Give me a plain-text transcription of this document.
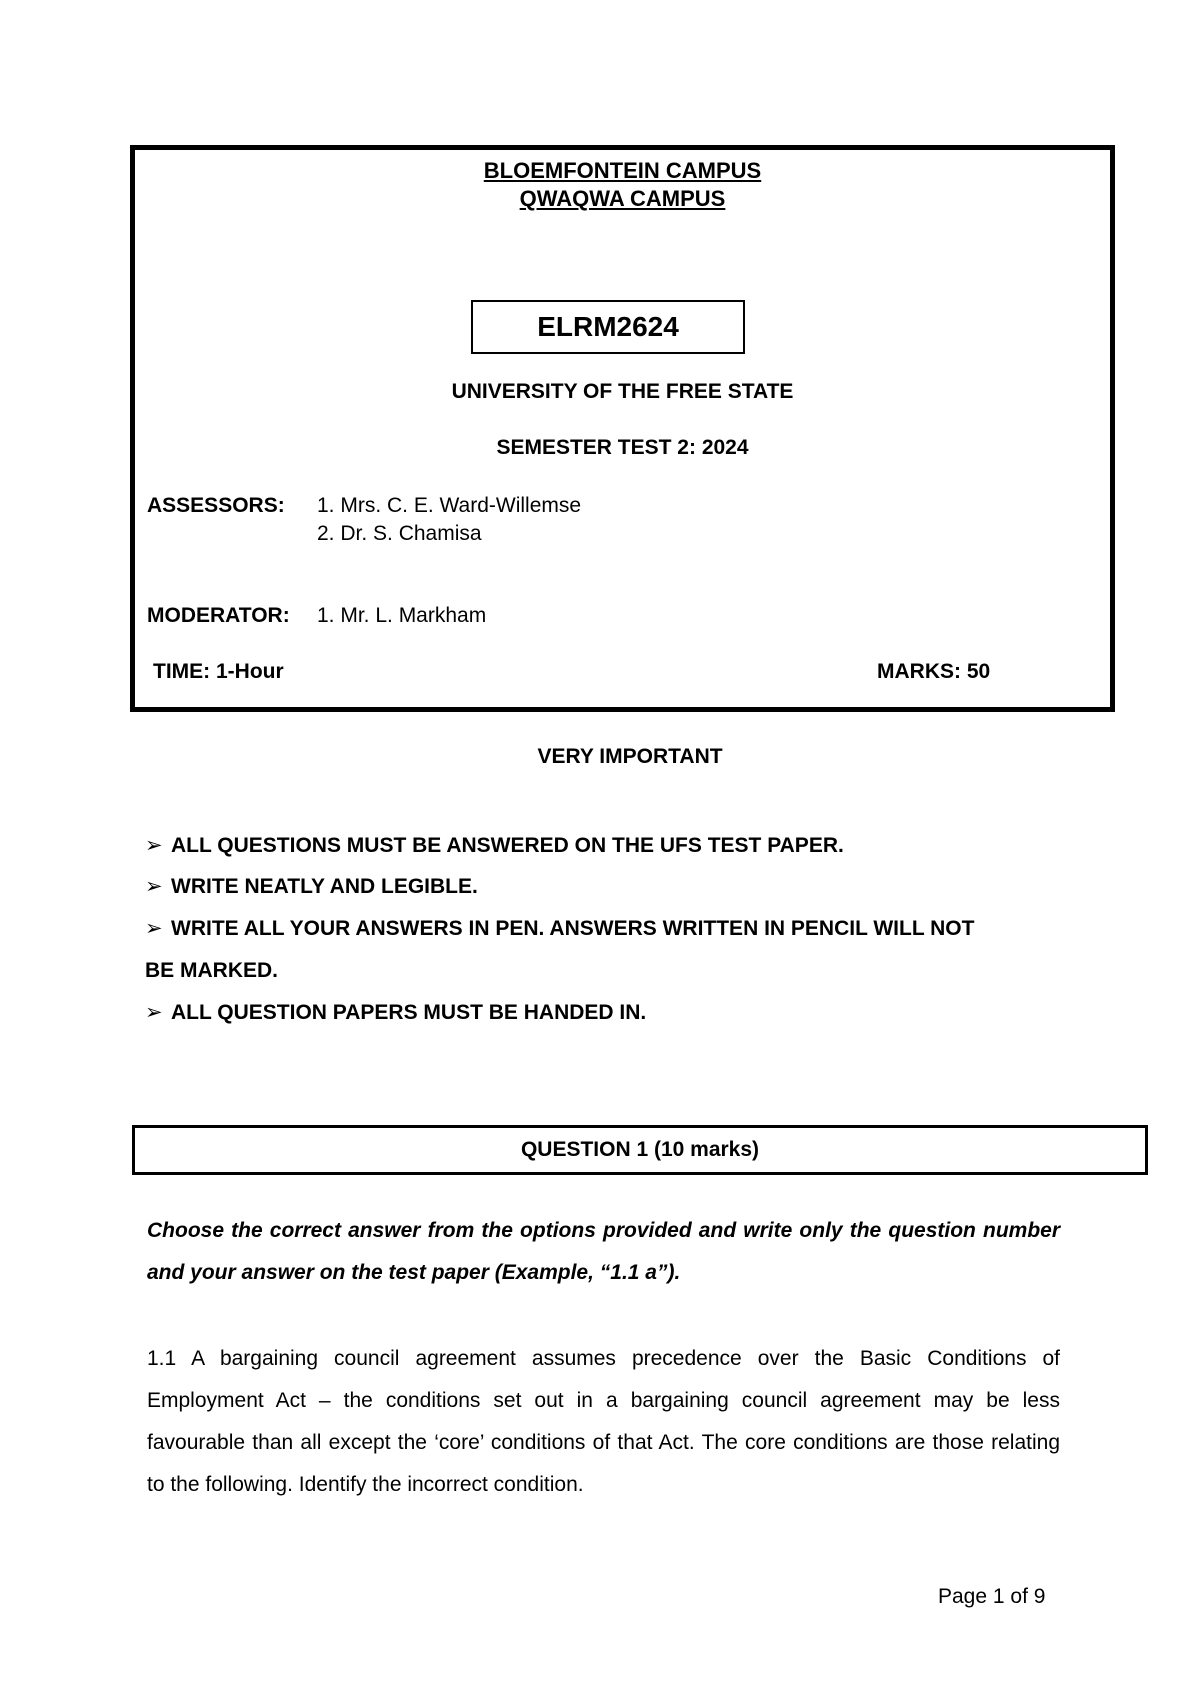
BLOEMFONTEIN CAMPUS
QWAQWA CAMPUS
ELRM2624
UNIVERSITY OF THE FREE STATE
SEMESTER TEST 2: 2024
ASSESSORS: 1. Mrs. C. E. Ward-Willemse
2. Dr. S. Chamisa
MODERATOR: 1. Mr. L. Markham
TIME: 1-Hour	MARKS: 50
VERY IMPORTANT
➢ ALL QUESTIONS MUST BE ANSWERED ON THE UFS TEST PAPER.
➢ WRITE NEATLY AND LEGIBLE.
➢ WRITE ALL YOUR ANSWERS IN PEN. ANSWERS WRITTEN IN PENCIL WILL NOT
BE MARKED.
➢ ALL QUESTION PAPERS MUST BE HANDED IN.
QUESTION 1 (10 marks)
Choose the correct answer from the options provided and write only the question number and your answer on the test paper (Example, “1.1 a”).
1.1 A bargaining council agreement assumes precedence over the Basic Conditions of Employment Act – the conditions set out in a bargaining council agreement may be less favourable than all except the ‘core’ conditions of that Act. The core conditions are those relating to the following. Identify the incorrect condition.
Page 1 of 9
